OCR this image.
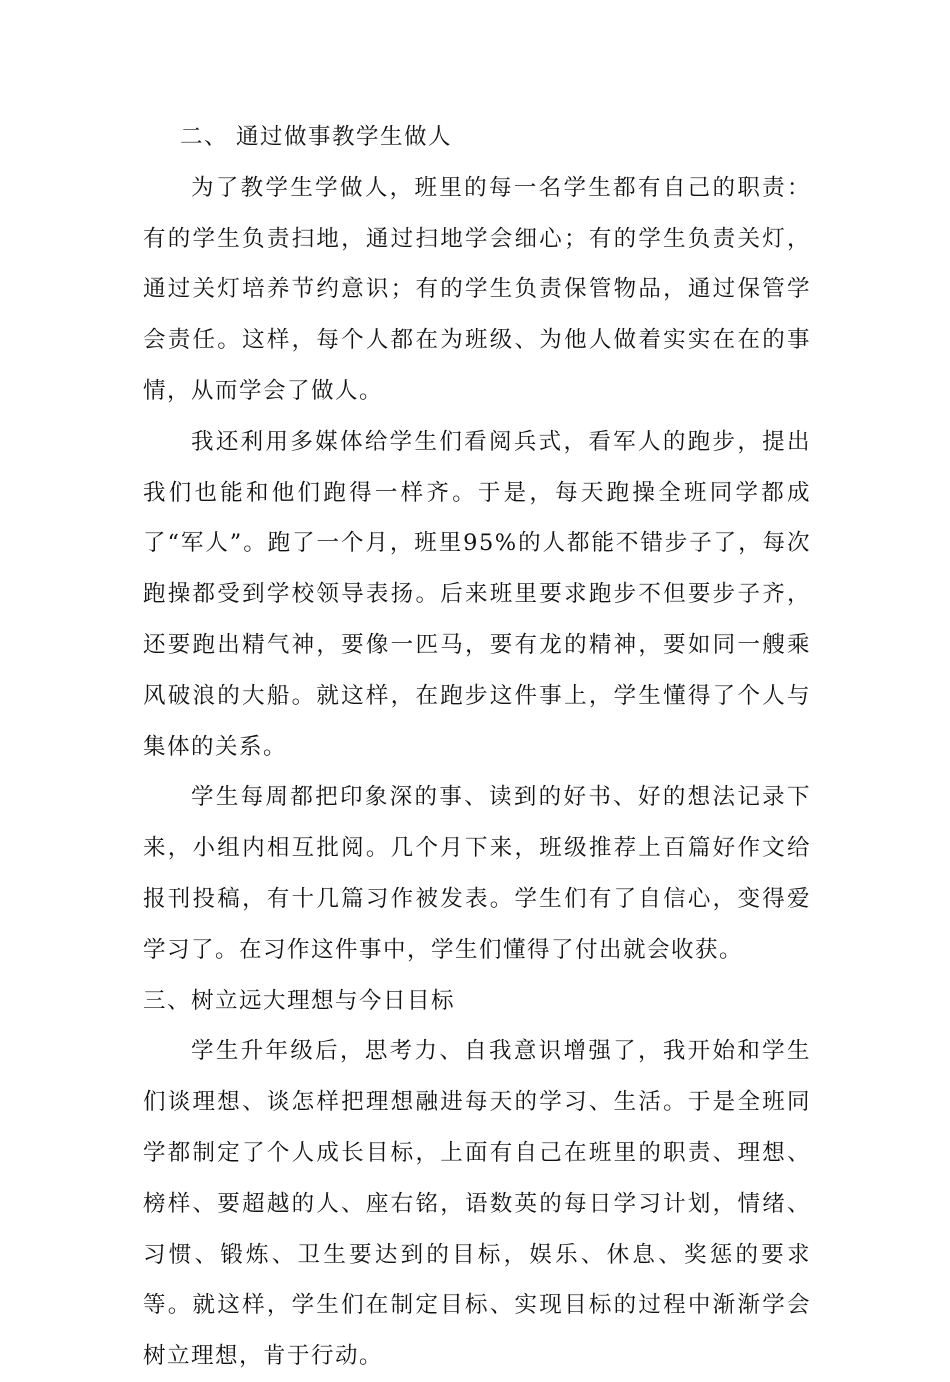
二、 通过做事教学生做人

为了教学生学做人，班里的每一名学生都有自己的职责：有的学生负责扫地，通过扫地学会细心；有的学生负责关灯，通过关灯培养节约意识；有的学生负责保管物品，通过保管学会责任。这样，每个人都在为班级、为他人做着实实在在的事情，从而学会了做人。

我还利用多媒体给学生们看阅兵式，看军人的跑步，提出我们也能和他们跑得一样齐。于是，每天跑操全班同学都成了“军人”。跑了一个月，班里95%的人都能不错步子了，每次跑操都受到学校领导表扬。后来班里要求跑步不但要步子齐，还要跑出精气神，要像一匹马，要有龙的精神，要如同一艘乘风破浪的大船。就这样，在跑步这件事上，学生懂得了个人与集体的关系。

学生每周都把印象深的事、读到的好书、好的想法记录下来，小组内相互批阅。几个月下来，班级推荐上百篇好作文给报刊投稿，有十几篇习作被发表。学生们有了自信心，变得爱学习了。在习作这件事中，学生们懂得了付出就会收获。

三、树立远大理想与今日目标

学生升年级后，思考力、自我意识增强了，我开始和学生们谈理想、谈怎样把理想融进每天的学习、生活。于是全班同学都制定了个人成长目标，上面有自己在班里的职责、理想、榜样、要超越的人、座右铭，语数英的每日学习计划，情绪、习惯、锻炼、卫生要达到的目标，娱乐、休息、奖惩的要求等。就这样，学生们在制定目标、实现目标的过程中渐渐学会树立理想，肯于行动。
